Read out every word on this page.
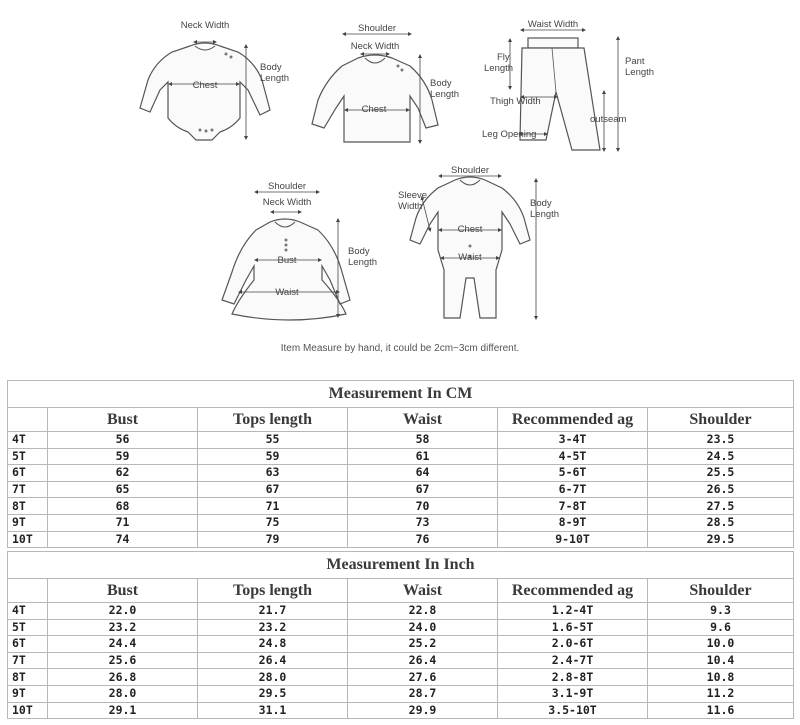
Neck Width
Chest
Body Length
Shoulder
Neck Width
Chest
Body Length
Waist Width
Fly Length
Pant Length
Thigh Width
outseam
Leg Opening
Shoulder
Neck Width
Bust
Waist
Body Length
Shoulder
Sleeve Width
Chest
Waist
Body Length
Item Measure by hand, it could be 2cm~3cm different.
Measurement In CM					
	Bust	Tops length	Waist	Recommended ag	Shoulder
4T	56	55	58	3-4T	23.5
5T	59	59	61	4-5T	24.5
6T	62	63	64	5-6T	25.5
7T	65	67	67	6-7T	26.5
8T	68	71	70	7-8T	27.5
9T	71	75	73	8-9T	28.5
10T	74	79	76	9-10T	29.5
Measurement In Inch					
	Bust	Tops length	Waist	Recommended ag	Shoulder
4T	22.0	21.7	22.8	1.2-4T	9.3
5T	23.2	23.2	24.0	1.6-5T	9.6
6T	24.4	24.8	25.2	2.0-6T	10.0
7T	25.6	26.4	26.4	2.4-7T	10.4
8T	26.8	28.0	27.6	2.8-8T	10.8
9T	28.0	29.5	28.7	3.1-9T	11.2
10T	29.1	31.1	29.9	3.5-10T	11.6
